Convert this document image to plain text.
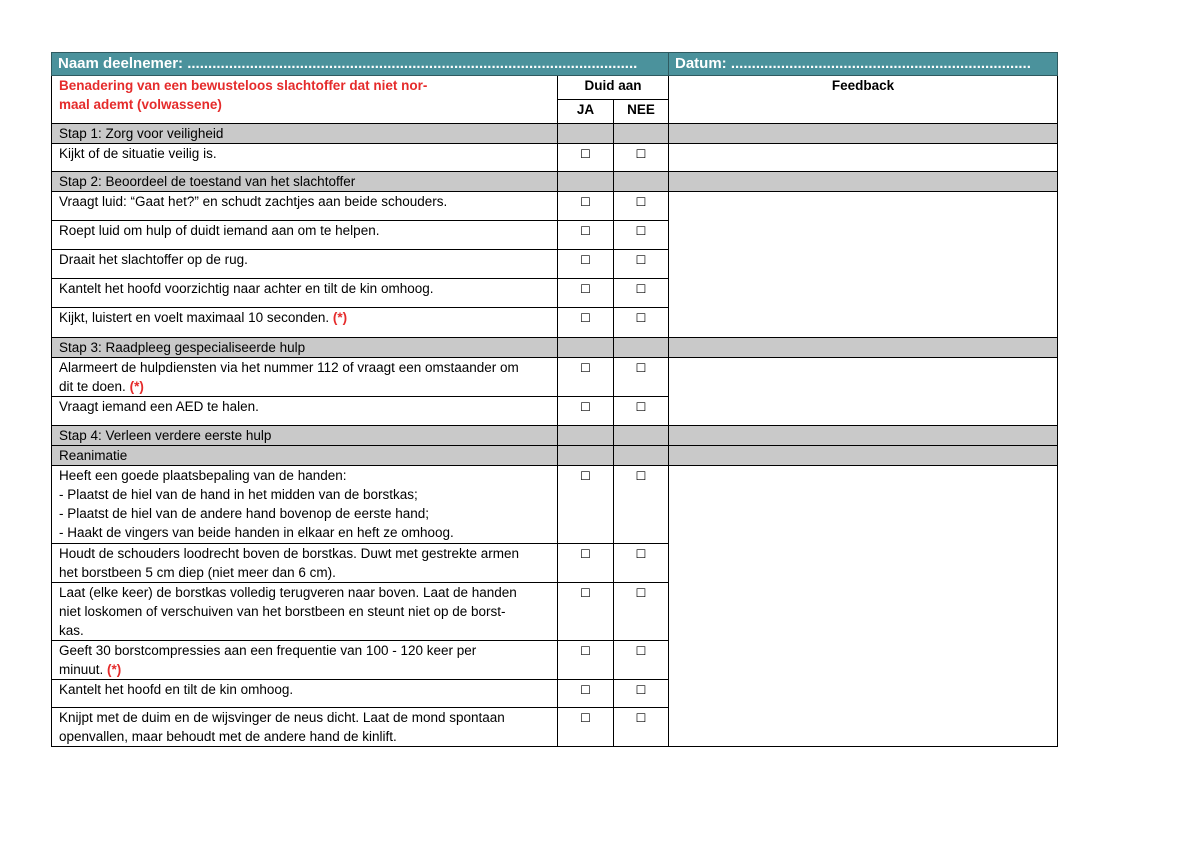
Naam deelnemer: ............................................................................................................			Datum: ........................................................................

Benadering van een bewusteloos slachtoffer dat niet nor-
maal ademt (volwassene)	Duid aan		Feedback
	JA	NEE	
Stap 1: Zorg voor veiligheid			

Kijkt of de situatie veilig is.	☐	☐	
Stap 2: Beoordeel de toestand van het slachtoffer			

Vraagt luid: “Gaat het?” en schudt zachtjes aan beide schouders.	☐	☐	

Roept luid om hulp of duidt iemand aan om te helpen.	☐	☐	

Draait het slachtoffer op de rug.	☐	☐	

Kantelt het hoofd voorzichtig naar achter en tilt de kin omhoog.	☐	☐	

Kijkt, luistert en voelt maximaal 10 seconden. (*)	☐	☐	
Stap 3: Raadpleeg gespecialiseerde hulp			

Alarmeert de hulpdiensten via het nummer 112 of vraagt een omstaander om
dit te doen. (*)	☐	☐	

Vraagt iemand een AED te halen.	☐	☐	
Stap 4: Verleen verdere eerste hulp			
Reanimatie			

Heeft een goede plaatsbepaling van de handen:
- Plaatst de hiel van de hand in het midden van de borstkas;
- Plaatst de hiel van de andere hand bovenop de eerste hand;
- Haakt de vingers van beide handen in elkaar en heft ze omhoog.	☐	☐	

Houdt de schouders loodrecht boven de borstkas. Duwt met gestrekte armen
het borstbeen 5 cm diep (niet meer dan 6 cm).	☐	☐	

Laat (elke keer) de borstkas volledig terugveren naar boven. Laat de handen
niet loskomen of verschuiven van het borstbeen en steunt niet op de borst-
kas.	☐	☐	

Geeft 30 borstcompressies aan een frequentie van 100 - 120 keer per
minuut. (*)	☐	☐	

Kantelt het hoofd en tilt de kin omhoog.	☐	☐	

Knijpt met de duim en de wijsvinger de neus dicht. Laat de mond spontaan
openvallen, maar behoudt met de andere hand de kinlift.	☐	☐	
